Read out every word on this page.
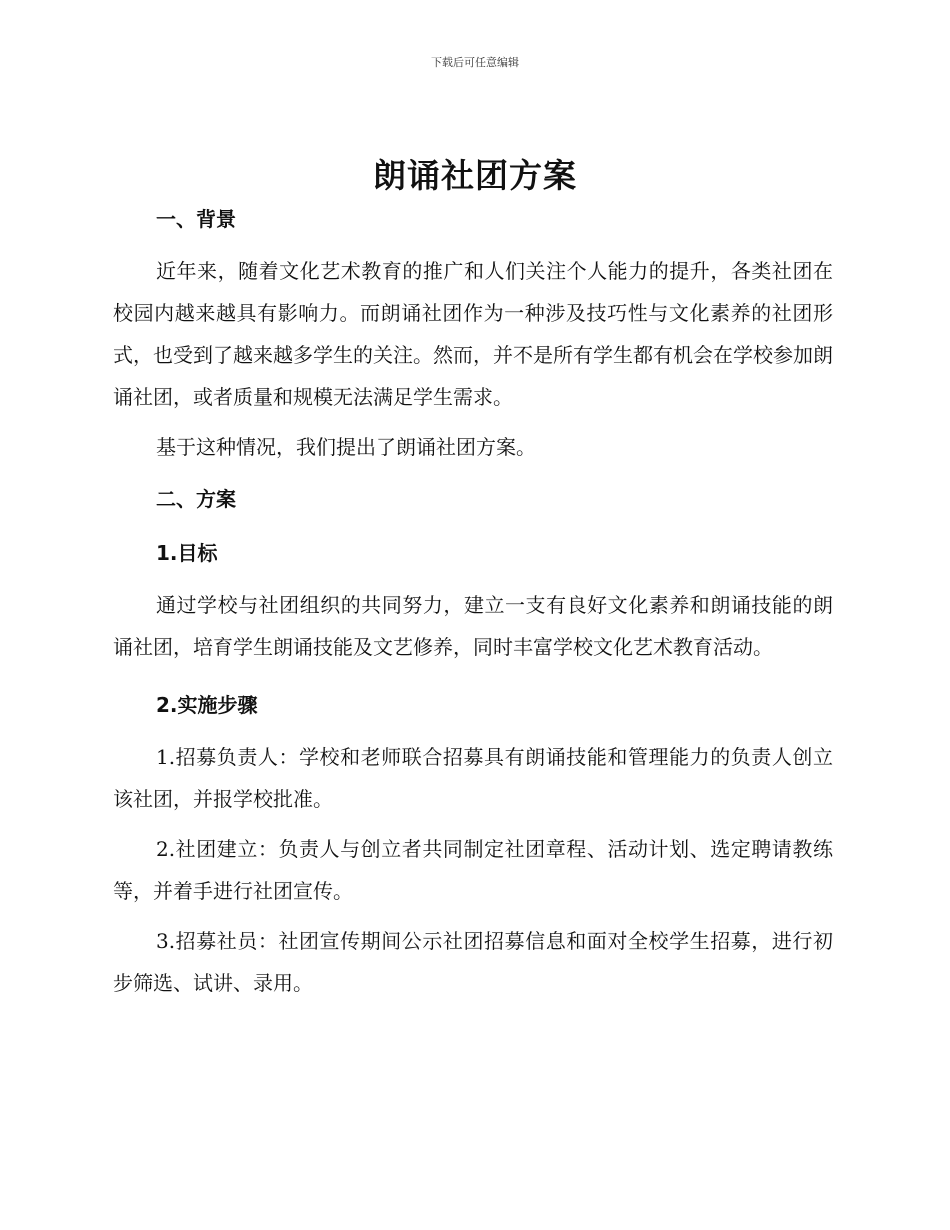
下载后可任意编辑
朗诵社团方案
一、背景

近年来，随着文化艺术教育的推广和人们关注个人能力的提升，各类社团在校园内越来越具有影响力。而朗诵社团作为一种涉及技巧性与文化素养的社团形式，也受到了越来越多学生的关注。然而，并不是所有学生都有机会在学校参加朗诵社团，或者质量和规模无法满足学生需求。

基于这种情况，我们提出了朗诵社团方案。

二、方案
1.目标

通过学校与社团组织的共同努力，建立一支有良好文化素养和朗诵技能的朗诵社团，培育学生朗诵技能及文艺修养，同时丰富学校文化艺术教育活动。

2.实施步骤

1.招募负责人：学校和老师联合招募具有朗诵技能和管理能力的负责人创立该社团，并报学校批准。

2.社团建立：负责人与创立者共同制定社团章程、活动计划、选定聘请教练等，并着手进行社团宣传。

3.招募社员：社团宣传期间公示社团招募信息和面对全校学生招募，进行初步筛选、试讲、录用。
